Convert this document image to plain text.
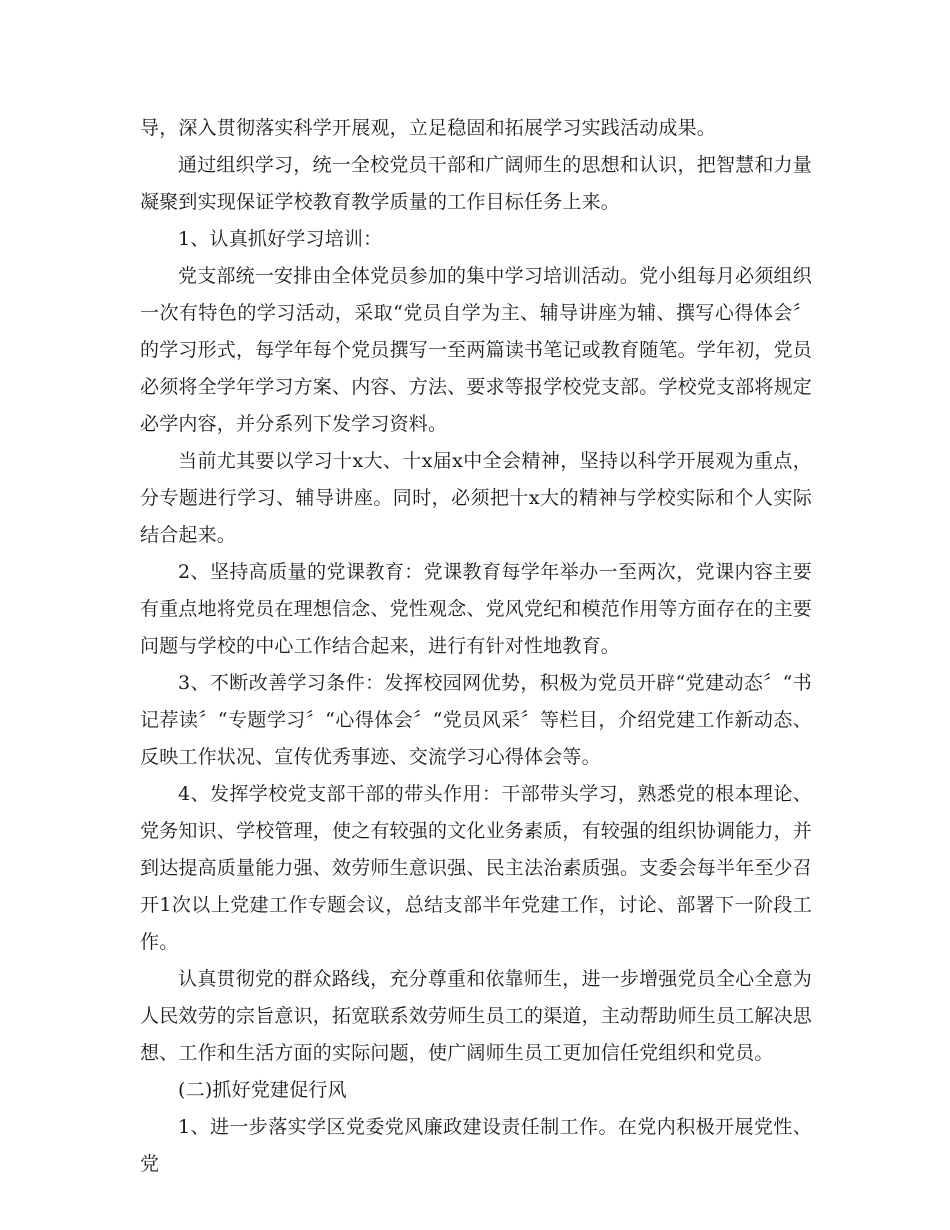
导，深入贯彻落实科学开展观，立足稳固和拓展学习实践活动成果。

通过组织学习，统一全校党员干部和广阔师生的思想和认识，把智慧和力量凝聚到实现保证学校教育教学质量的工作目标任务上来。

1、认真抓好学习培训：

党支部统一安排由全体党员参加的集中学习培训活动。党小组每月必须组织一次有特色的学习活动，采取“党员自学为主、辅导讲座为辅、撰写心得体会〞的学习形式，每学年每个党员撰写一至两篇读书笔记或教育随笔。学年初，党员必须将全学年学习方案、内容、方法、要求等报学校党支部。学校党支部将规定必学内容，并分系列下发学习资料。

当前尤其要以学习十x大、十x届x中全会精神，坚持以科学开展观为重点，分专题进行学习、辅导讲座。同时，必须把十x大的精神与学校实际和个人实际结合起来。

2、坚持高质量的党课教育：党课教育每学年举办一至两次，党课内容主要有重点地将党员在理想信念、党性观念、党风党纪和模范作用等方面存在的主要问题与学校的中心工作结合起来，进行有针对性地教育。

3、不断改善学习条件：发挥校园网优势，积极为党员开辟“党建动态〞“书记荐读〞“专题学习〞“心得体会〞“党员风采〞等栏目，介绍党建工作新动态、反映工作状况、宣传优秀事迹、交流学习心得体会等。

4、发挥学校党支部干部的带头作用：干部带头学习，熟悉党的根本理论、党务知识、学校管理，使之有较强的文化业务素质，有较强的组织协调能力，并到达提高质量能力强、效劳师生意识强、民主法治素质强。支委会每半年至少召开1次以上党建工作专题会议，总结支部半年党建工作，讨论、部署下一阶段工作。

认真贯彻党的群众路线，充分尊重和依靠师生，进一步增强党员全心全意为人民效劳的宗旨意识，拓宽联系效劳师生员工的渠道，主动帮助师生员工解决思想、工作和生活方面的实际问题，使广阔师生员工更加信任党组织和党员。

(二)抓好党建促行风

1、进一步落实学区党委党风廉政建设责任制工作。在党内积极开展党性、党
